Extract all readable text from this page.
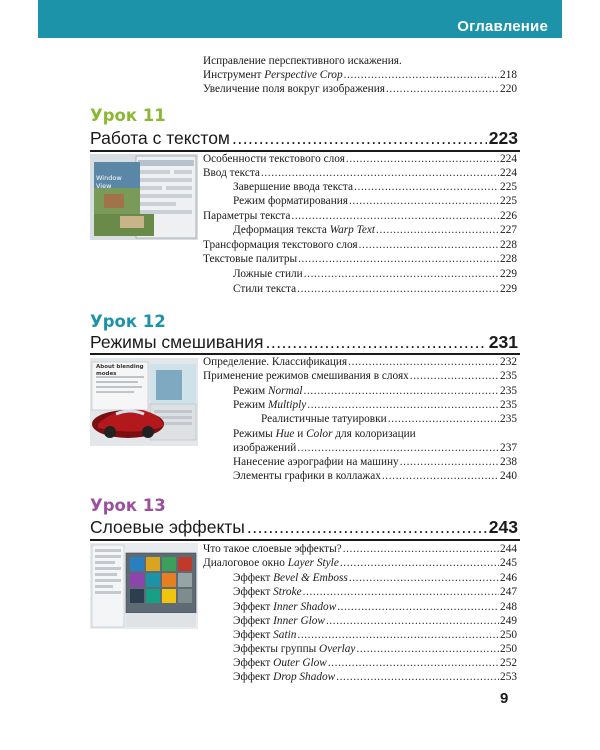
Оглавление
Исправление перспективного искажения.
Инструмент Perspective Crop .....	218
Увеличение поля вокруг изображения .....	220
Урок 11
Работа с текстом .....	223
Window View
Особенности текстового слоя .....	224
Ввод текста .....	224
Завершение ввода текста .....	225
Режим форматирования .....	225
Параметры текста .....	226
Деформация текста Warp Text .....	227
Трансформация текстового слоя .....	228
Текстовые палитры .....	228
Ложные стили .....	229
Стили текста .....	229
Урок 12
Режимы смешивания .....	231
About blending modes
Определение. Классификация .....	232
Применение режимов смешивания в слоях .....	235
Режим Normal .....	235
Режим Multiply .....	235
Реалистичные татуировки .....	235
Режимы Hue и Color для колоризации
изображений .....	237
Нанесение аэрографии на машину .....	238
Элементы графики в коллажах .....	240
Урок 13
Слоевые эффекты .....	243
Что такое слоевые эффекты? .....	244
Диалоговое окно Layer Style .....	245
Эффект Bevel & Emboss .....	246
Эффект Stroke .....	247
Эффект Inner Shadow .....	248
Эффект Inner Glow .....	249
Эффект Satin .....	250
Эффекты группы Overlay .....	250
Эффект Outer Glow .....	252
Эффект Drop Shadow .....	253
9
